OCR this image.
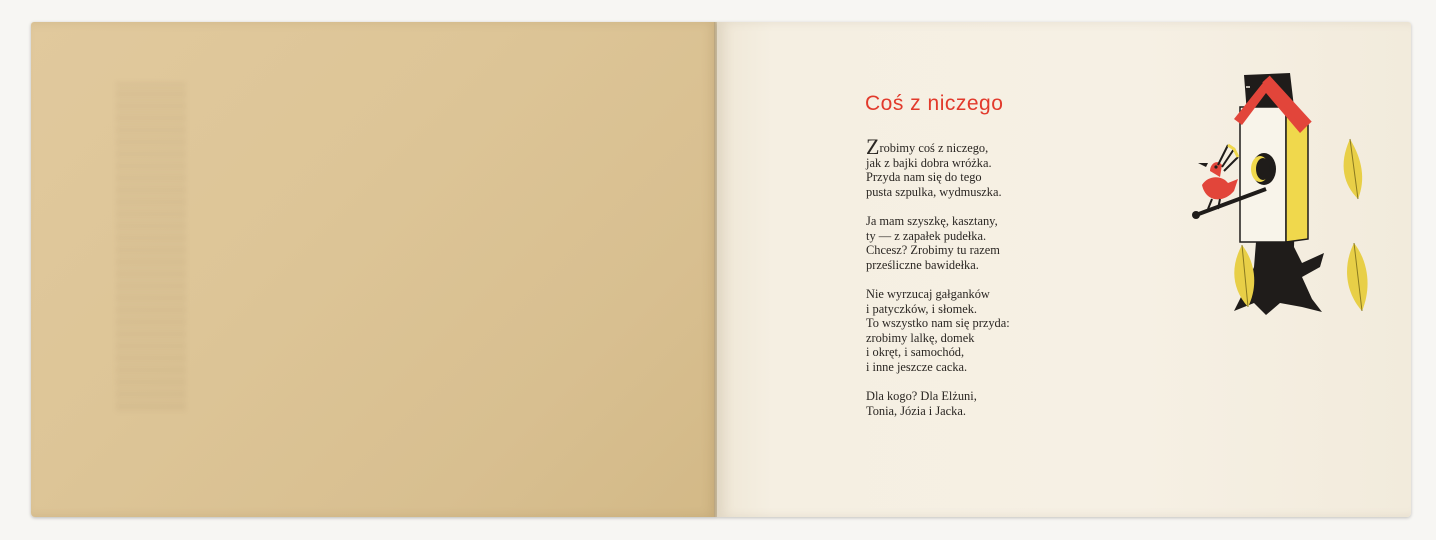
Coś z niczego

Zrobimy coś z niczego,
jak z bajki dobra wróżka.
Przyda nam się do tego
pusta szpulka, wydmuszka.

Ja mam szyszkę, kasztany,
ty — z zapałek pudełka.
Chcesz? Zrobimy tu razem
prześliczne bawidełka.

Nie wyrzucaj gałganków
i patyczków, i słomek.
To wszystko nam się przyda:
zrobimy lalkę, domek
i okręt, i samochód,
i inne jeszcze cacka.

Dla kogo? Dla Elżuni,
Tonia, Józia i Jacka.
